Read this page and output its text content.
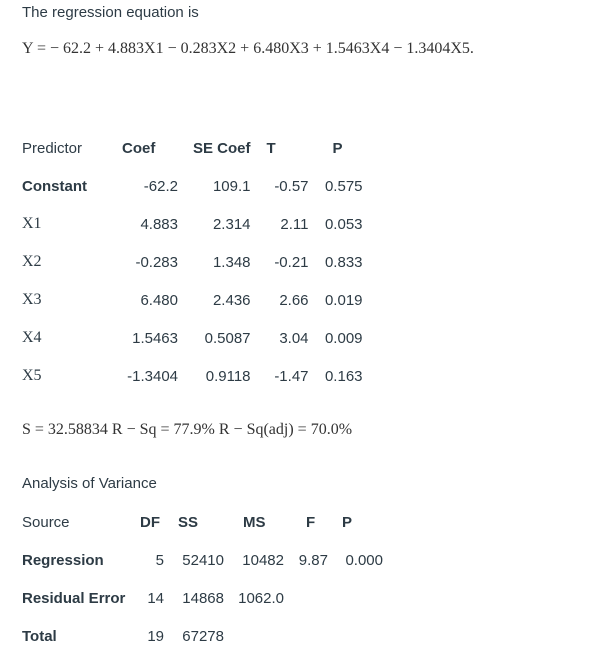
The regression equation is
Y = − 62.2 + 4.883X1 − 0.283X2 + 6.480X3 + 1.5463X4 − 1.3404X5.
Predictor	Coef	SE Coef	T	P
Constant	-62.2	109.1	-0.57	0.575
X1	4.883	2.314	2.11	0.053
X2	-0.283	1.348	-0.21	0.833
X3	6.480	2.436	2.66	0.019
X4	1.5463	0.5087	3.04	0.009
X5	-1.3404	0.9118	-1.47	0.163
S = 32.58834 R − Sq = 77.9% R − Sq(adj) = 70.0%
Analysis of Variance
Source	DF	SS	MS	F	P
Regression	5	52410	10482	9.87	0.000
Residual Error	14	14868	1062.0		
Total	19	67278			
